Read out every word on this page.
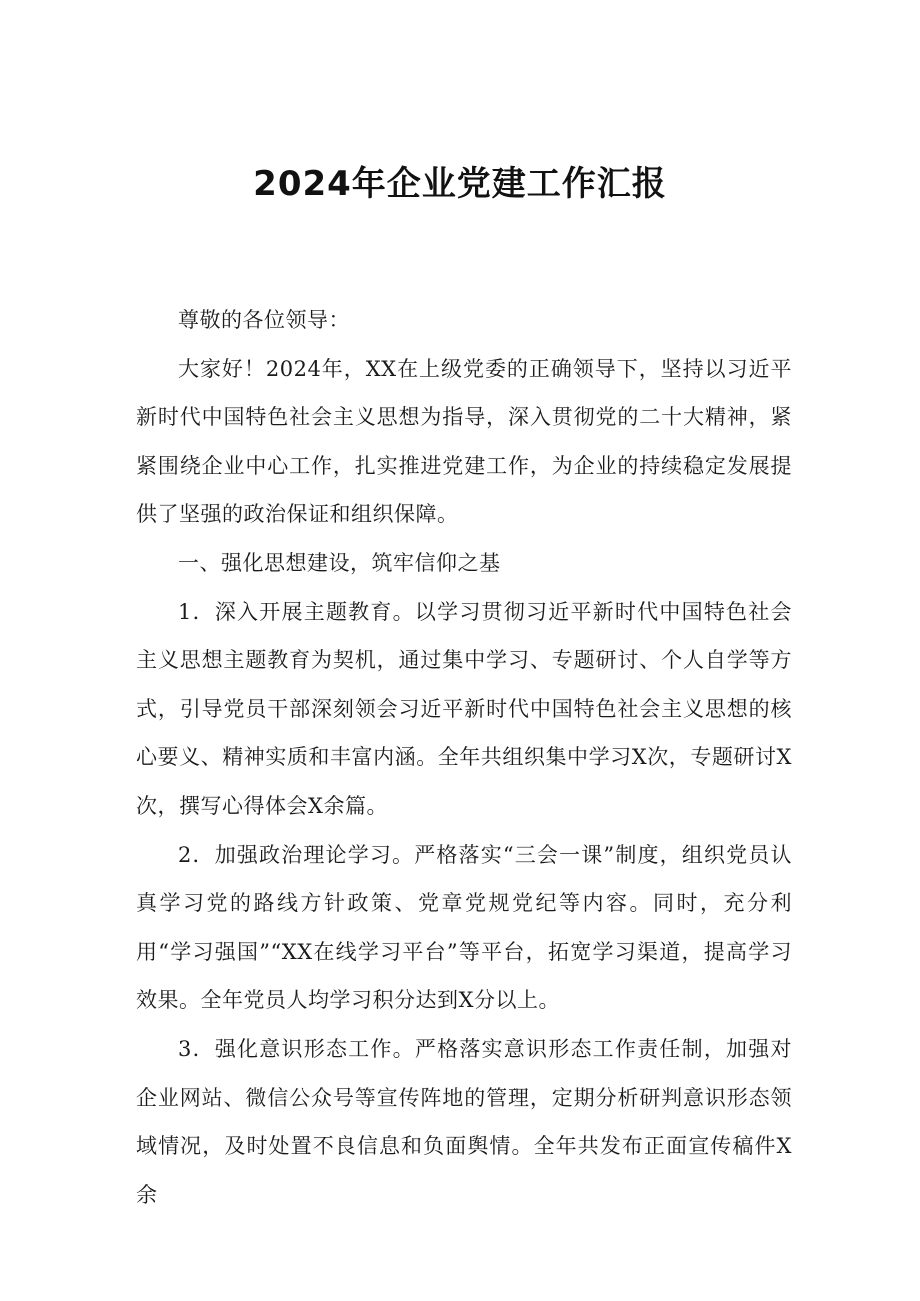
2024年企业党建工作汇报

尊敬的各位领导：

大家好！2024年，XX在上级党委的正确领导下，坚持以习近平新时代中国特色社会主义思想为指导，深入贯彻党的二十大精神，紧紧围绕企业中心工作，扎实推进党建工作，为企业的持续稳定发展提供了坚强的政治保证和组织保障。

一、强化思想建设，筑牢信仰之基

1．深入开展主题教育。以学习贯彻习近平新时代中国特色社会主义思想主题教育为契机，通过集中学习、专题研讨、个人自学等方式，引导党员干部深刻领会习近平新时代中国特色社会主义思想的核心要义、精神实质和丰富内涵。全年共组织集中学习X次，专题研讨X次，撰写心得体会X余篇。

2．加强政治理论学习。严格落实“三会一课”制度，组织党员认真学习党的路线方针政策、党章党规党纪等内容。同时，充分利用“学习强国”“XX在线学习平台”等平台，拓宽学习渠道，提高学习效果。全年党员人均学习积分达到X分以上。

3．强化意识形态工作。严格落实意识形态工作责任制，加强对企业网站、微信公众号等宣传阵地的管理，定期分析研判意识形态领域情况，及时处置不良信息和负面舆情。全年共发布正面宣传稿件X余
